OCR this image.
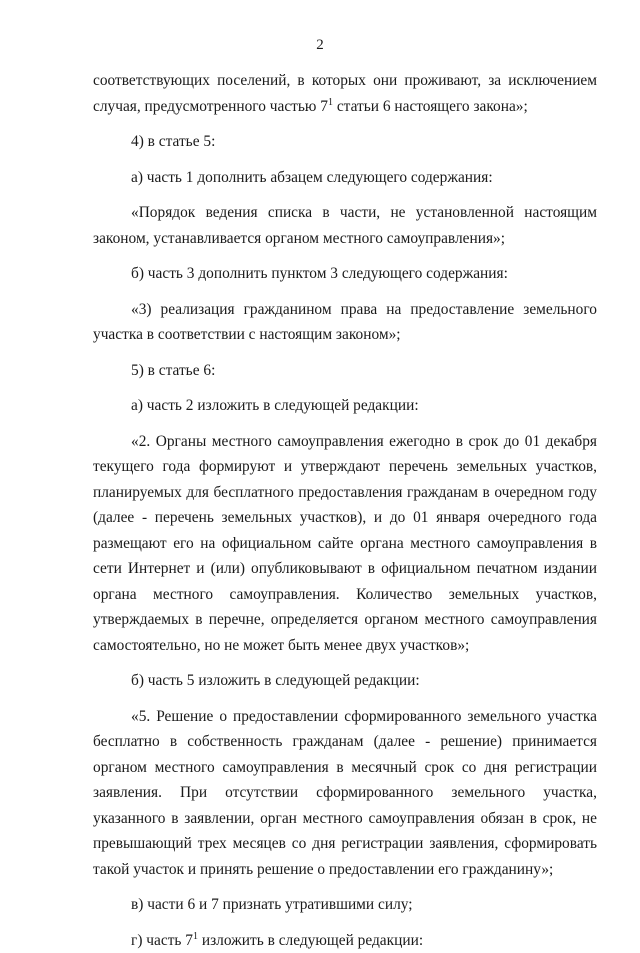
2

соответствующих поселений, в которых они проживают, за исключением случая, предусмотренного частью $7^1$ статьи 6 настоящего закона»;

4) в статье 5:

а) часть 1 дополнить абзацем следующего содержания:

«Порядок ведения списка в части, не установленной настоящим законом, устанавливается органом местного самоуправления»;

б) часть 3 дополнить пунктом 3 следующего содержания:

«3) реализация гражданином права на предоставление земельного участка в соответствии с настоящим законом»;

5) в статье 6:

а) часть 2 изложить в следующей редакции:

«2. Органы местного самоуправления ежегодно в срок до 01 декабря текущего года формируют и утверждают перечень земельных участков, планируемых для бесплатного предоставления гражданам в очередном году (далее - перечень земельных участков), и до 01 января очередного года размещают его на официальном сайте органа местного самоуправления в сети Интернет и (или) опубликовывают в официальном печатном издании органа местного самоуправления. Количество земельных участков, утверждаемых в перечне, определяется органом местного самоуправления самостоятельно, но не может быть менее двух участков»;

б) часть 5 изложить в следующей редакции:

«5. Решение о предоставлении сформированного земельного участка бесплатно в собственность гражданам (далее - решение) принимается органом местного самоуправления в месячный срок со дня регистрации заявления. При отсутствии сформированного земельного участка, указанного в заявлении, орган местного самоуправления обязан в срок, не превышающий трех месяцев со дня регистрации заявления, сформировать такой участок и принять решение о предоставлении его гражданину»;

в) части 6 и 7 признать утратившими силу;

г) часть $7^1$ изложить в следующей редакции:
